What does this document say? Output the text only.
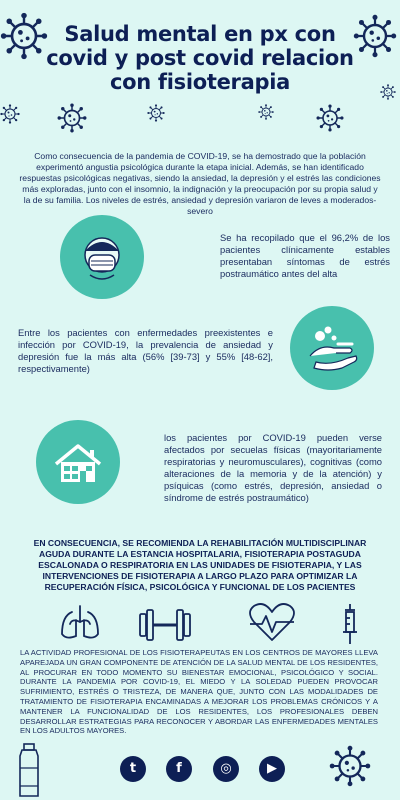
Salud mental en px con covid y post covid relacion con fisioterapia
Como consecuencia de la pandemia de COVID-19, se ha demostrado que la población experimentó angustia psicológica durante la etapa inicial. Además, se han identificado respuestas psicológicas negativas, siendo la ansiedad, la depresión y el estrés las condiciones más exploradas, junto con el insomnio, la indignación y la preocupación por su propia salud y la de su familia. Los niveles de estrés, ansiedad y depresión variaron de leves a moderados-severo
Se ha recopilado que el 96,2% de los pacientes clínicamente estables presentaban síntomas de estrés postraumático antes del alta
Entre los pacientes con enfermedades preexistentes e infección por COVID-19, la prevalencia de ansiedad y depresión fue la más alta (56% [39-73] y 55% [48-62], respectivamente)
los pacientes por COVID-19 pueden verse afectados por secuelas físicas (mayoritariamente respiratorias y neuromusculares), cognitivas (como alteraciones de la memoria y de la atención) y psíquicas (como estrés, depresión, ansiedad o síndrome de estrés postraumático)
EN CONSECUENCIA, SE RECOMIENDA LA REHABILITACIÓN MULTIDISCIPLINAR AGUDA DURANTE LA ESTANCIA HOSPITALARIA, FISIOTERAPIA POSTAGUDA ESCALONADA O RESPIRATORIA EN LAS UNIDADES DE FISIOTERAPIA, Y LAS INTERVENCIONES DE FISIOTERAPIA A LARGO PLAZO PARA OPTIMIZAR LA RECUPERACIÓN FÍSICA, PSICOLÓGICA Y FUNCIONAL DE LOS PACIENTES
LA ACTIVIDAD PROFESIONAL DE LOS FISIOTERAPEUTAS EN LOS CENTROS DE MAYORES LLEVA APAREJADA UN GRAN COMPONENTE DE ATENCIÓN DE LA SALUD MENTAL DE LOS RESIDENTES, AL PROCURAR EN TODO MOMENTO SU BIENESTAR EMOCIONAL, PSICOLÓGICO Y SOCIAL. DURANTE LA PANDEMIA POR COVID-19, EL MIEDO Y LA SOLEDAD PUEDEN PROVOCAR SUFRIMIENTO, ESTRÉS O TRISTEZA, DE MANERA QUE, JUNTO CON LAS MODALIDADES DE TRATAMIENTO DE FISIOTERAPIA ENCAMINADAS A MEJORAR LOS PROBLEMAS CRÓNICOS Y A MANTENER LA FUNCIONALIDAD DE LOS RESIDENTES, LOS PROFESIONALES DEBEN DESARROLLAR ESTRATEGIAS PARA RECONOCER Y ABORDAR LAS ENFERMEDADES MENTALES EN LOS ADULTOS MAYORES.
t	f	◎	▶
